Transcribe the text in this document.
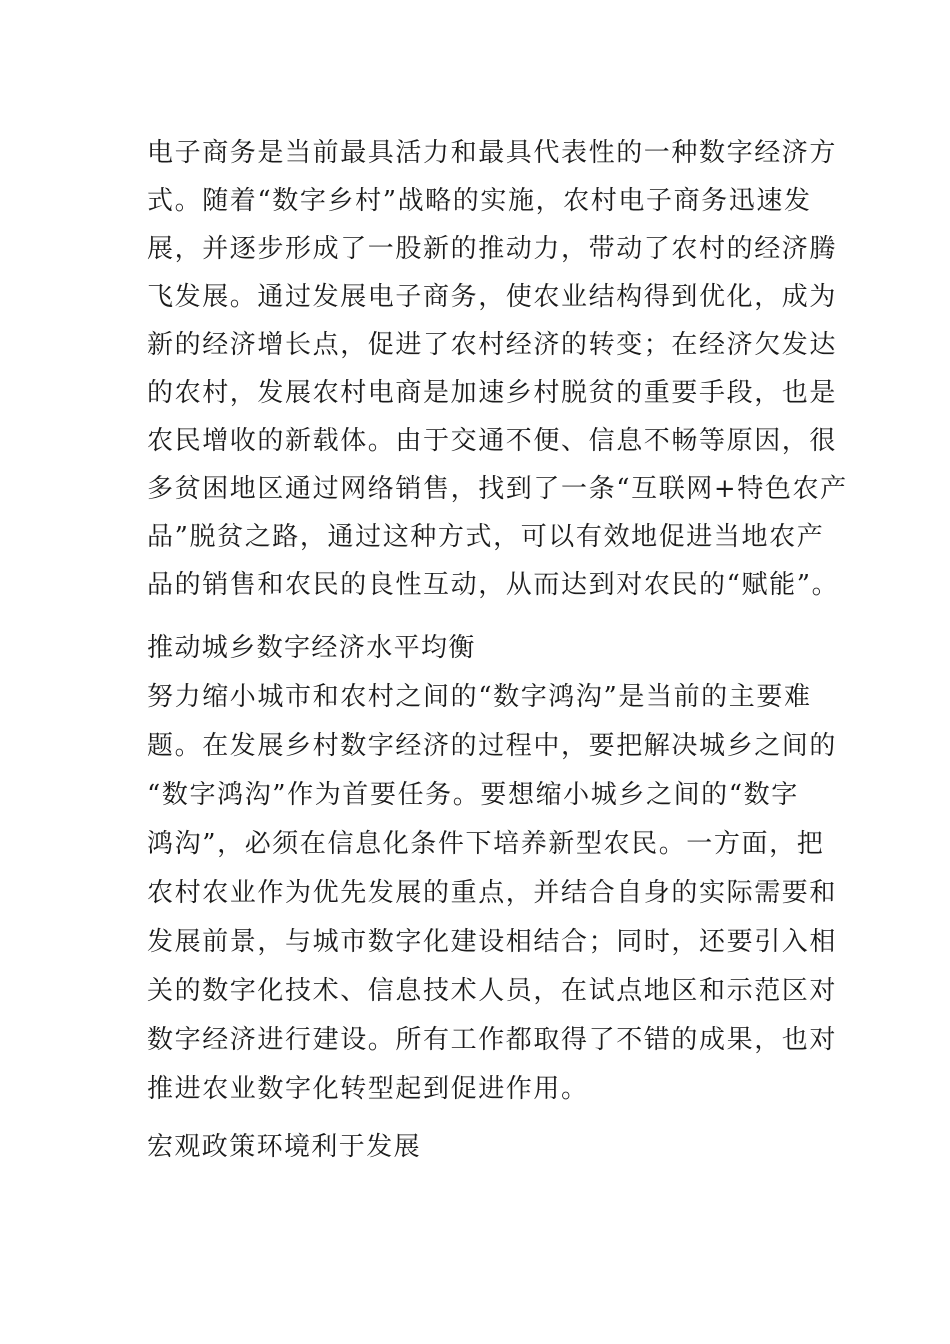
电子商务是当前最具活力和最具代表性的一种数字经济方
式。随着“数字乡村”战略的实施，农村电子商务迅速发
展，并逐步形成了一股新的推动力，带动了农村的经济腾
飞发展。通过发展电子商务，使农业结构得到优化，成为
新的经济增长点，促进了农村经济的转变；在经济欠发达
的农村，发展农村电商是加速乡村脱贫的重要手段，也是
农民增收的新载体。由于交通不便、信息不畅等原因，很
多贫困地区通过网络销售，找到了一条“互联网+特色农产
品”脱贫之路，通过这种方式，可以有效地促进当地农产
品的销售和农民的良性互动，从而达到对农民的“赋能”。
推动城乡数字经济水平均衡
努力缩小城市和农村之间的“数字鸿沟”是当前的主要难
题。在发展乡村数字经济的过程中，要把解决城乡之间的
“数字鸿沟”作为首要任务。要想缩小城乡之间的“数字
鸿沟”，必须在信息化条件下培养新型农民。一方面，把
农村农业作为优先发展的重点，并结合自身的实际需要和
发展前景，与城市数字化建设相结合；同时，还要引入相
关的数字化技术、信息技术人员，在试点地区和示范区对
数字经济进行建设。所有工作都取得了不错的成果，也对
推进农业数字化转型起到促进作用。
宏观政策环境利于发展
